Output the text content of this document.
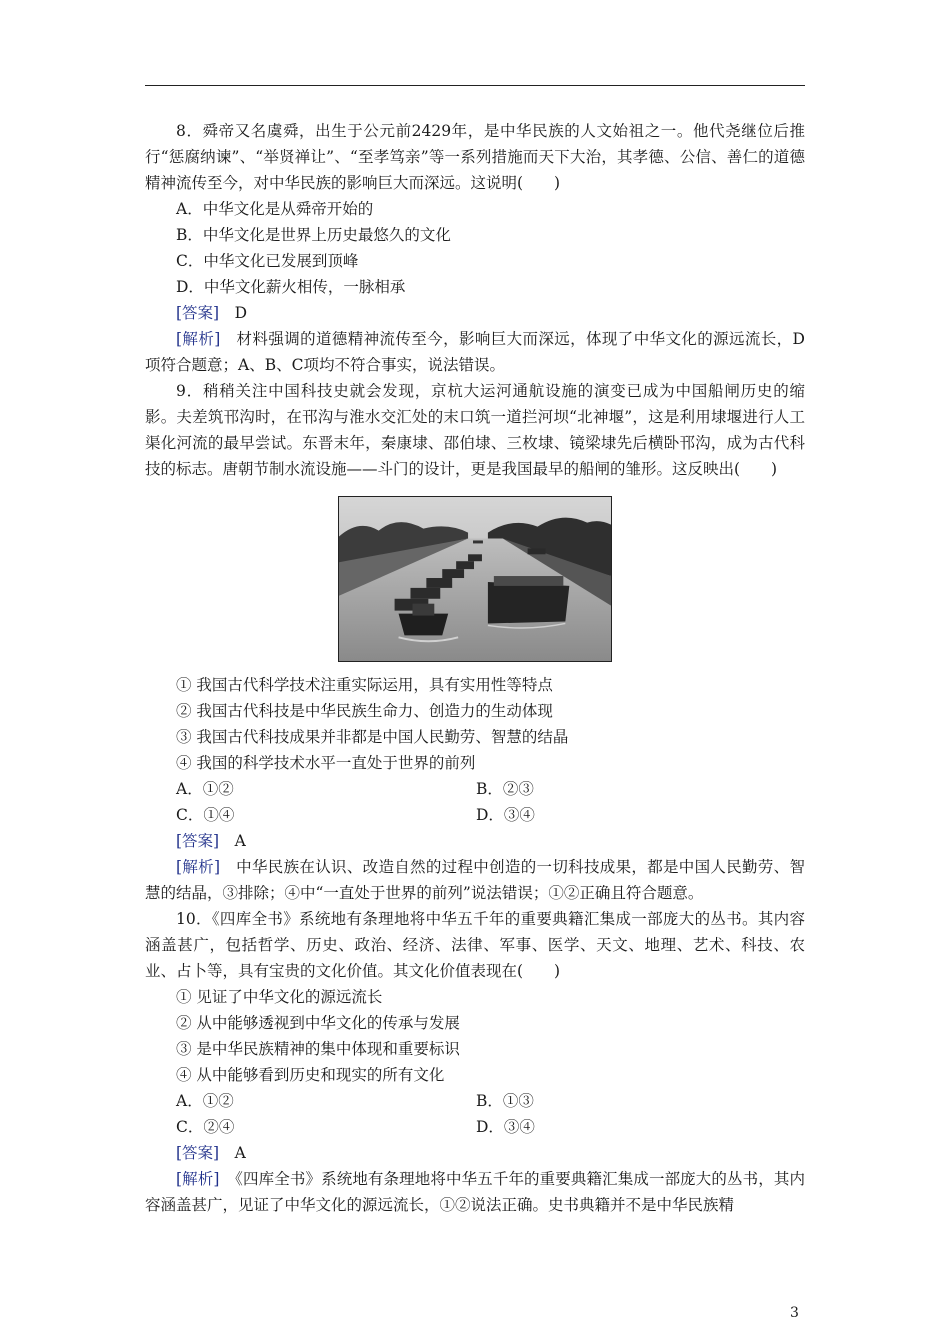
8．舜帝又名虞舜，出生于公元前2429年，是中华民族的人文始祖之一。他代尧继位后推行“惩腐纳谏”、“举贤禅让”、“至孝笃亲”等一系列措施而天下大治，其孝德、公信、善仁的道德精神流传至今，对中华民族的影响巨大而深远。这说明(　　)

A．中华文化是从舜帝开始的

B．中华文化是世界上历史最悠久的文化

C．中华文化已发展到顶峰

D．中华文化薪火相传，一脉相承

[答案]　 D

[解析]　 材料强调的道德精神流传至今，影响巨大而深远，体现了中华文化的源远流长，D项符合题意；A、B、C项均不符合事实，说法错误。

9．稍稍关注中国科技史就会发现，京杭大运河通航设施的演变已成为中国船闸历史的缩影。夫差筑邗沟时，在邗沟与淮水交汇处的末口筑一道拦河坝“北神堰”，这是利用埭堰进行人工渠化河流的最早尝试。东晋末年，秦康埭、邵伯埭、三枚埭、镜梁埭先后横卧邗沟，成为古代科技的标志。唐朝节制水流设施——斗门的设计，更是我国最早的船闸的雏形。这反映出(　　)

① 我国古代科学技术注重实际运用，具有实用性等特点

② 我国古代科技是中华民族生命力、创造力的生动体现

③ 我国古代科技成果并非都是中国人民勤劳、智慧的结晶

④ 我国的科学技术水平一直处于世界的前列

A．①②	B．②③
C．①④	D．③④

[答案]　 A

[解析]　 中华民族在认识、改造自然的过程中创造的一切科技成果，都是中国人民勤劳、智慧的结晶，③排除；④中“一直处于世界的前列”说法错误；①②正确且符合题意。

10．《四库全书》系统地有条理地将中华五千年的重要典籍汇集成一部庞大的丛书。其内容涵盖甚广，包括哲学、历史、政治、经济、法律、军事、医学、天文、地理、艺术、科技、农业、占卜等，具有宝贵的文化价值。其文化价值表现在(　　)

① 见证了中华文化的源远流长

② 从中能够透视到中华文化的传承与发展

③ 是中华民族精神的集中体现和重要标识

④ 从中能够看到历史和现实的所有文化

A．①②	B．①③
C．②④	D．③④

[答案]　 A

[解析]　 《四库全书》系统地有条理地将中华五千年的重要典籍汇集成一部庞大的丛书，其内容涵盖甚广，见证了中华文化的源远流长，①②说法正确。史书典籍并不是中华民族精

3
